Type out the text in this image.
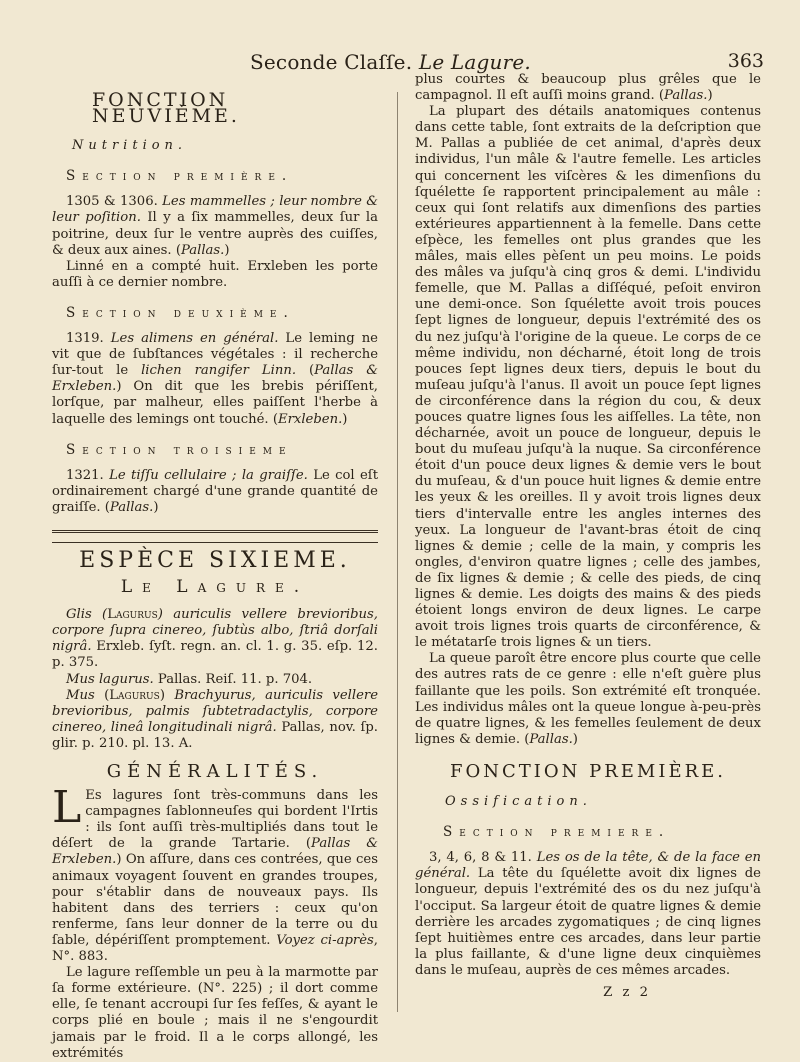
Seconde Claſſe. Le Lagure.	363
FONCTION NEUVIÈME.
Nutrition.
Section première.

1305 & 1306. Les mammelles ; leur nombre & leur poſition. Il y a ſix mammelles, deux ſur la poitrine, deux ſur le ventre auprès des cuiſſes, & deux aux aines. (Pallas.)

Linné en a compté huit. Erxleben les porte auſſi à ce dernier nombre.

Section deuxième.

1319. Les alimens en général. Le leming ne vit que de ſubſtances végétales : il recherche ſur-tout le lichen rangifer Linn. (Pallas & Erxleben.) On dit que les brebis périſſent, lorſque, par malheur, elles paiſſent l'herbe à laquelle des lemings ont touché. (Erxleben.)

Section troisieme

1321. Le tiſſu cellulaire ; la graiſſe. Le col eſt ordinairement chargé d'une grande quantité de graiſſe. (Pallas.)

ESPÈCE SIXIEME.
Le Lagure.

Glis (Lagurus) auriculis vellere brevioribus, corpore ſupra cinereo, ſubtùs albo, ſtriâ dorſali nigrâ. Erxleb. ſyſt. regn. an. cl. 1. g. 35. eſp. 12. p. 375.

Mus lagurus. Pallas. Reiſ. 11. p. 704.

Mus (Lagurus) Brachyurus, auriculis vellere brevioribus, palmis ſubtetradactylis, corpore cinereo, lineâ longitudinali nigrâ. Pallas, nov. ſp. glir. p. 210. pl. 13. A.

GÉNÉRALITÉS.

L Es lagures ſont très-communs dans les campagnes ſablonneuſes qui bordent l'Irtis : ils ſont auſſi très-multipliés dans tout le déſert de la grande Tartarie. (Pallas & Erxleben.) On aſſure, dans ces contrées, que ces animaux voyagent ſouvent en grandes troupes, pour s'établir dans de nouveaux pays. Ils habitent dans des terriers : ceux qu'on renferme, ſans leur donner de la terre ou du ſable, dépériſſent promptement. Voyez ci-après, N°. 883.

Le lagure reſſemble un peu à la marmotte par ſa forme extérieure. (N°. 225) ; il dort comme elle, ſe tenant accroupi ſur ſes feſſes, & ayant le corps plié en boule ; mais il ne s'engourdit jamais par le froid. Il a le corps allongé, les extrémités

plus courtes & beaucoup plus grêles que le campagnol. Il eſt auſſi moins grand. (Pallas.)

La plupart des détails anatomiques contenus dans cette table, ſont extraits de la deſcription que M. Pallas a publiée de cet animal, d'après deux individus, l'un mâle & l'autre femelle. Les articles qui concernent les viſcères & les dimenſions du ſquélette ſe rapportent principalement au mâle : ceux qui ſont relatifs aux dimenſions des parties extérieures appartiennent à la femelle. Dans cette eſpèce, les femelles ont plus grandes que les mâles, mais elles pèſent un peu moins. Le poids des mâles va juſqu'à cinq gros & demi. L'individu femelle, que M. Pallas a diſſéqué, peſoit environ une demi-once. Son ſquélette avoit trois pouces ſept lignes de longueur, depuis l'extrémité des os du nez juſqu'à l'origine de la queue. Le corps de ce même individu, non décharné, étoit long de trois pouces ſept lignes deux tiers, depuis le bout du muſeau juſqu'à l'anus. Il avoit un pouce ſept lignes de circonférence dans la région du cou, & deux pouces quatre lignes ſous les aiſſelles. La tête, non décharnée, avoit un pouce de longueur, depuis le bout du muſeau juſqu'à la nuque. Sa circonférence étoit d'un pouce deux lignes & demie vers le bout du muſeau, & d'un pouce huit lignes & demie entre les yeux & les oreilles. Il y avoit trois lignes deux tiers d'intervalle entre les angles internes des yeux. La longueur de l'avant-bras étoit de cinq lignes & demie ; celle de la main, y compris les ongles, d'environ quatre lignes ; celle des jambes, de ſix lignes & demie ; & celle des pieds, de cinq lignes & demie. Les doigts des mains & des pieds étoient longs environ de deux lignes. Le carpe avoit trois lignes trois quarts de circonférence, & le métatarſe trois lignes & un tiers.

La queue paroît être encore plus courte que celle des autres rats de ce genre : elle n'eſt guère plus faillante que les poils. Son extrémité eſt tronquée. Les individus mâles ont la queue longue à-peu-près de quatre lignes, & les femelles ſeulement de deux lignes & demie. (Pallas.)

FONCTION PREMIÈRE.
Ossification.
Section premiere.

3, 4, 6, 8 & 11. Les os de la tête, & de la face en général. La tête du ſquélette avoit dix lignes de longueur, depuis l'extrémité des os du nez juſqu'à l'occiput. Sa largeur étoit de quatre lignes & demie derrière les arcades zygomatiques ; de cinq lignes ſept huitièmes entre ces arcades, dans leur partie la plus faillante, & d'une ligne deux cinquièmes dans le muſeau, auprès de ces mêmes arcades.

Z z 2
